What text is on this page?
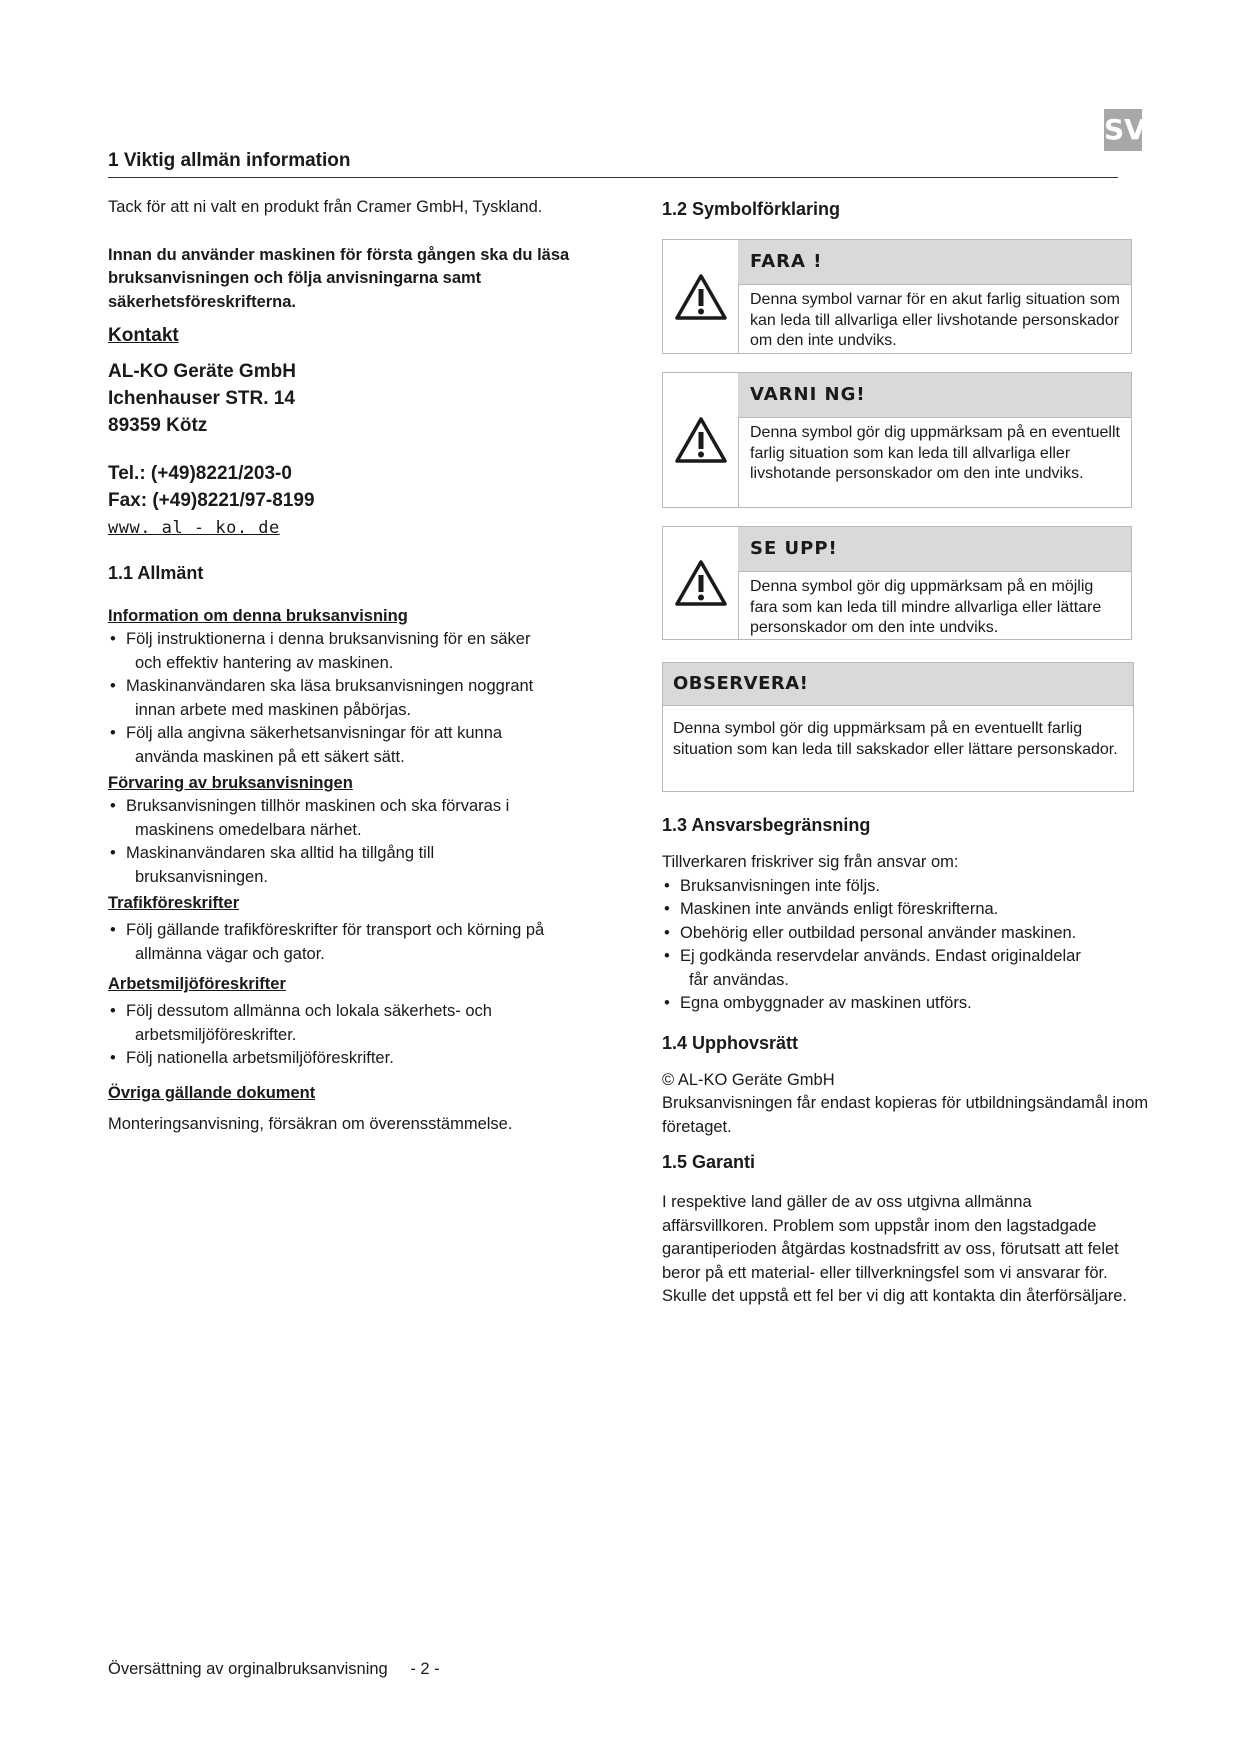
SV
1 Viktig allmän information

Tack för att ni valt en produkt från Cramer GmbH, Tyskland.

Innan du använder maskinen för första gången ska du läsa bruksanvisningen och följa anvisningarna samt säkerhetsföreskrifterna.

Kontakt

AL-KO Geräte GmbH

Ichenhauser STR. 14

89359 Kötz

Tel.: (+49)8221/203-0

Fax: (+49)8221/97-8199

www. al - ko. de

1.1 Allmänt

Information om denna bruksanvisning

• Följ instruktionerna i denna bruksanvisning för en säker
och effektiv hantering av maskinen.
• Maskinanvändaren ska läsa bruksanvisningen noggrant
innan arbete med maskinen påbörjas.
• Följ alla angivna säkerhetsanvisningar för att kunna
använda maskinen på ett säkert sätt.

Förvaring av bruksanvisningen

• Bruksanvisningen tillhör maskinen och ska förvaras i
maskinens omedelbara närhet.
• Maskinanvändaren ska alltid ha tillgång till
bruksanvisningen.

Trafikföreskrifter

• Följ gällande trafikföreskrifter för transport och körning på
allmänna vägar och gator.

Arbetsmiljöföreskrifter

• Följ dessutom allmänna och lokala säkerhets- och
arbetsmiljöföreskrifter.
• Följ nationella arbetsmiljöföreskrifter.

Övriga gällande dokument

Monteringsanvisning, försäkran om överensstämmelse.

1.2 Symbolförklaring
FARA !
Denna symbol varnar för en akut farlig situation som kan leda till allvarliga eller livshotande personskador om den inte undviks.
VARNI NG!
Denna symbol gör dig uppmärksam på en eventuellt farlig situation som kan leda till allvarliga eller livshotande personskador om den inte undviks.
SE UPP!
Denna symbol gör dig uppmärksam på en möjlig fara som kan leda till mindre allvarliga eller lättare personskador om den inte undviks.
OBSERVERA!
Denna symbol gör dig uppmärksam på en eventuellt farlig situation som kan leda till sakskador eller lättare personskador.

1.3 Ansvarsbegränsning

Tillverkaren friskriver sig från ansvar om:

• Bruksanvisningen inte följs.
• Maskinen inte används enligt föreskrifterna.
• Obehörig eller outbildad personal använder maskinen.
• Ej godkända reservdelar används. Endast originaldelar
får användas.
• Egna ombyggnader av maskinen utförs.

1.4 Upphovsrätt

© AL-KO Geräte GmbH

Bruksanvisningen får endast kopieras för utbildningsändamål inom företaget.

1.5 Garanti

I respektive land gäller de av oss utgivna allmänna affärsvillkoren. Problem som uppstår inom den lagstadgade garantiperioden åtgärdas kostnadsfritt av oss, förutsatt att felet beror på ett material- eller tillverkningsfel som vi ansvarar för. Skulle det uppstå ett fel ber vi dig att kontakta din återförsäljare.

Översättning av orginalbruksanvisning - 2 -
